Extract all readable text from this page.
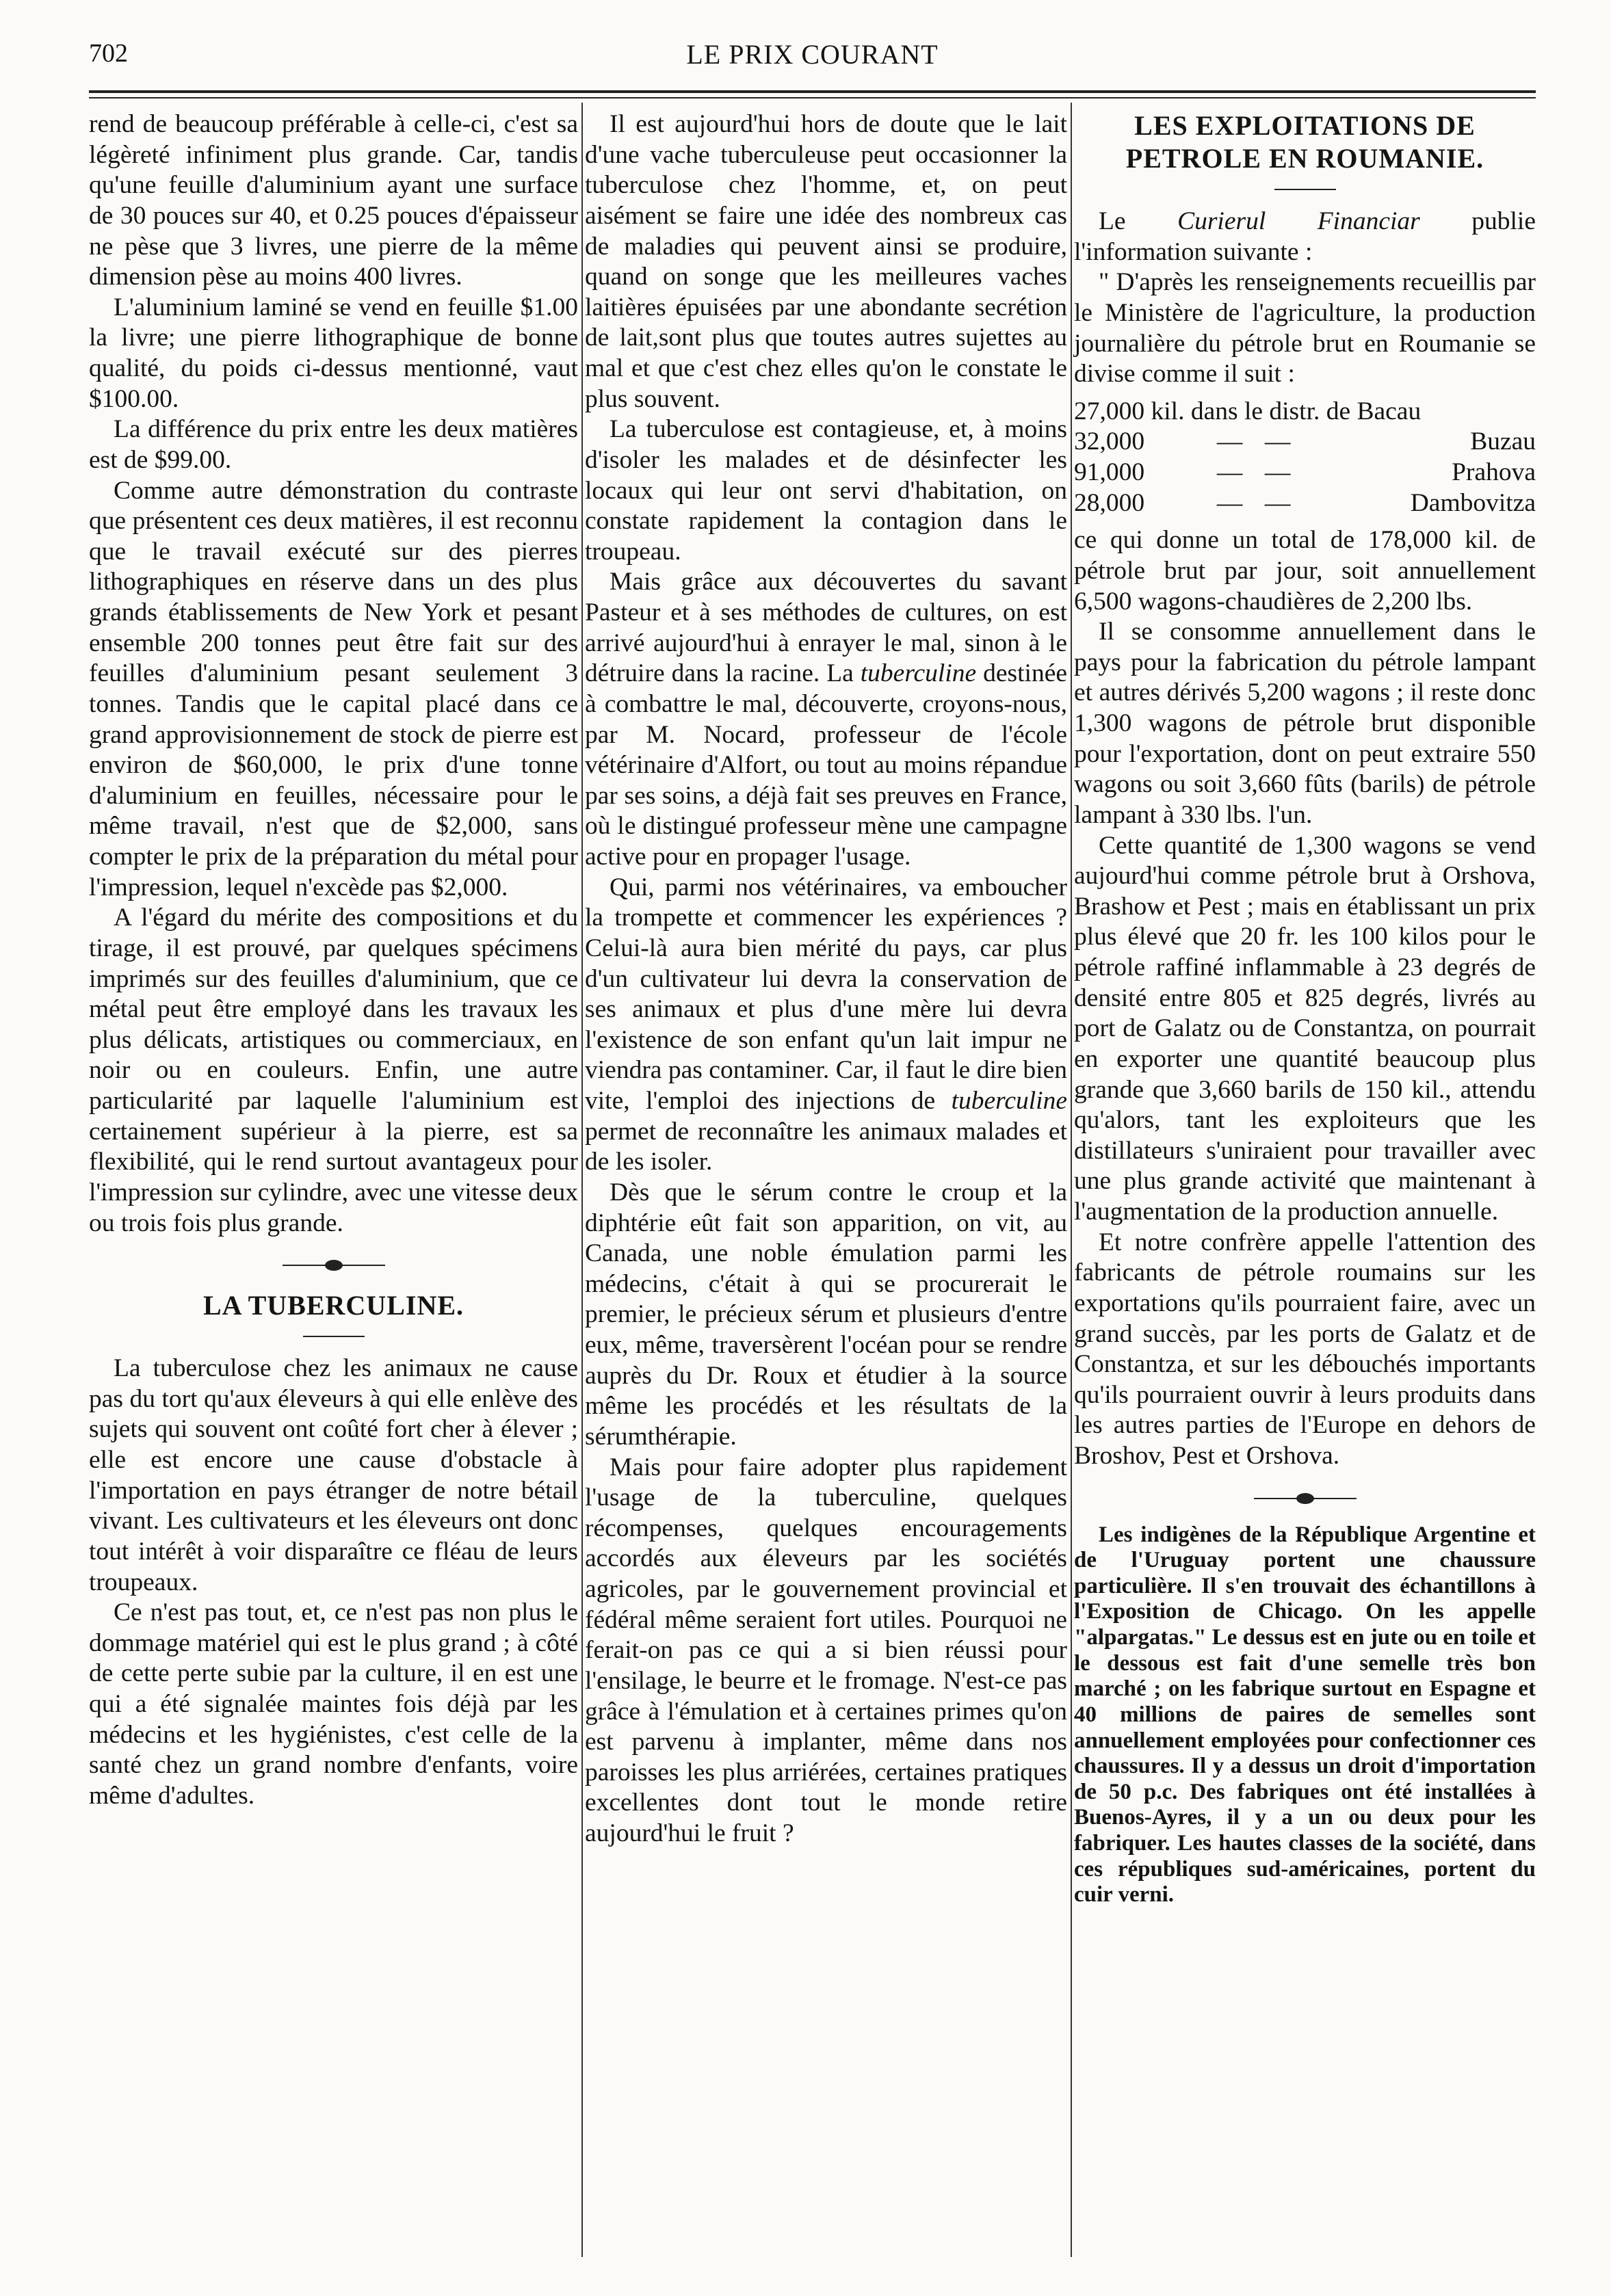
702	LE PRIX COURANT

rend de beaucoup préférable à celle-ci, c'est sa légèreté infiniment plus grande. Car, tandis qu'une feuille d'aluminium ayant une surface de 30 pouces sur 40, et 0.25 pouces d'épaisseur ne pèse que 3 livres, une pierre de la même dimension pèse au moins 400 livres.

L'aluminium laminé se vend en feuille $1.00 la livre; une pierre lithographique de bonne qualité, du poids ci-dessus mentionné, vaut $100.00.

La différence du prix entre les deux matières est de $99.00.

Comme autre démonstration du contraste que présentent ces deux matières, il est reconnu que le travail exécuté sur des pierres lithographiques en réserve dans un des plus grands établissements de New York et pesant ensemble 200 tonnes peut être fait sur des feuilles d'aluminium pesant seulement 3 tonnes. Tandis que le capital placé dans ce grand approvisionnement de stock de pierre est environ de $60,000, le prix d'une tonne d'aluminium en feuilles, nécessaire pour le même travail, n'est que de $2,000, sans compter le prix de la préparation du métal pour l'impression, lequel n'excède pas $2,000.

A l'égard du mérite des compositions et du tirage, il est prouvé, par quelques spécimens imprimés sur des feuilles d'aluminium, que ce métal peut être employé dans les travaux les plus délicats, artistiques ou commerciaux, en noir ou en couleurs. Enfin, une autre particularité par laquelle l'aluminium est certainement supérieur à la pierre, est sa flexibilité, qui le rend surtout avantageux pour l'impression sur cylindre, avec une vitesse deux ou trois fois plus grande.

LA TUBERCULINE.

La tuberculose chez les animaux ne cause pas du tort qu'aux éleveurs à qui elle enlève des sujets qui souvent ont coûté fort cher à élever ; elle est encore une cause d'obstacle à l'importation en pays étranger de notre bétail vivant. Les cultivateurs et les éleveurs ont donc tout intérêt à voir disparaître ce fléau de leurs troupeaux.

Ce n'est pas tout, et, ce n'est pas non plus le dommage matériel qui est le plus grand ; à côté de cette perte subie par la culture, il en est une qui a été signalée maintes fois déjà par les médecins et les hygiénistes, c'est celle de la santé chez un grand nombre d'enfants, voire même d'adultes.

Il est aujourd'hui hors de doute que le lait d'une vache tuberculeuse peut occasionner la tuberculose chez l'homme, et, on peut aisément se faire une idée des nombreux cas de maladies qui peuvent ainsi se produire, quand on songe que les meilleures vaches laitières épuisées par une abondante secrétion de lait,sont plus que toutes autres sujettes au mal et que c'est chez elles qu'on le constate le plus souvent.

La tuberculose est contagieuse, et, à moins d'isoler les malades et de désinfecter les locaux qui leur ont servi d'habitation, on constate rapidement la contagion dans le troupeau.

Mais grâce aux découvertes du savant Pasteur et à ses méthodes de cultures, on est arrivé aujourd'hui à enrayer le mal, sinon à le détruire dans la racine. La tuberculine destinée à combattre le mal, découverte, croyons-nous, par M. Nocard, professeur de l'école vétérinaire d'Alfort, ou tout au moins répandue par ses soins, a déjà fait ses preuves en France, où le distingué professeur mène une campagne active pour en propager l'usage.

Qui, parmi nos vétérinaires, va emboucher la trompette et commencer les expériences ? Celui-là aura bien mérité du pays, car plus d'un cultivateur lui devra la conservation de ses animaux et plus d'une mère lui devra l'existence de son enfant qu'un lait impur ne viendra pas contaminer. Car, il faut le dire bien vite, l'emploi des injections de tuberculine permet de reconnaître les animaux malades et de les isoler.

Dès que le sérum contre le croup et la diphtérie eût fait son apparition, on vit, au Canada, une noble émulation parmi les médecins, c'était à qui se procurerait le premier, le précieux sérum et plusieurs d'entre eux, même, traversèrent l'océan pour se rendre auprès du Dr. Roux et étudier à la source même les procédés et les résultats de la sérumthérapie.

Mais pour faire adopter plus rapidement l'usage de la tuberculine, quelques récompenses, quelques encouragements accordés aux éleveurs par les sociétés agricoles, par le gouvernement provincial et fédéral même seraient fort utiles. Pourquoi ne ferait-on pas ce qui a si bien réussi pour l'ensilage, le beurre et le fromage. N'est-ce pas grâce à l'émulation et à certaines primes qu'on est parvenu à implanter, même dans nos paroisses les plus arriérées, certaines pratiques excellentes dont tout le monde retire aujourd'hui le fruit ?

LES EXPLOITATIONS DE PETROLE EN ROUMANIE.

Le Curierul Financiar publie l'information suivante :

" D'après les renseignements recueillis par le Ministère de l'agriculture, la production journalière du pétrole brut en Roumanie se divise comme il suit :

27,000 kil. dans le distr. de Bacau			
32,000	—	—	Buzau
91,000	—	—	Prahova
28,000	—	—	Dambovitza

ce qui donne un total de 178,000 kil. de pétrole brut par jour, soit annuellement 6,500 wagons-chaudières de 2,200 lbs.

Il se consomme annuellement dans le pays pour la fabrication du pétrole lampant et autres dérivés 5,200 wagons ; il reste donc 1,300 wagons de pétrole brut disponible pour l'exportation, dont on peut extraire 550 wagons ou soit 3,660 fûts (barils) de pétrole lampant à 330 lbs. l'un.

Cette quantité de 1,300 wagons se vend aujourd'hui comme pétrole brut à Orshova, Brashow et Pest ; mais en établissant un prix plus élevé que 20 fr. les 100 kilos pour le pétrole raffiné inflammable à 23 degrés de densité entre 805 et 825 degrés, livrés au port de Galatz ou de Constantza, on pourrait en exporter une quantité beaucoup plus grande que 3,660 barils de 150 kil., attendu qu'alors, tant les exploiteurs que les distillateurs s'uniraient pour travailler avec une plus grande activité que maintenant à l'augmentation de la production annuelle.

Et notre confrère appelle l'attention des fabricants de pétrole roumains sur les exportations qu'ils pourraient faire, avec un grand succès, par les ports de Galatz et de Constantza, et sur les débouchés importants qu'ils pourraient ouvrir à leurs produits dans les autres parties de l'Europe en dehors de Broshov, Pest et Orshova.

Les indigènes de la République Argentine et de l'Uruguay portent une chaussure particulière. Il s'en trouvait des échantillons à l'Exposition de Chicago. On les appelle "alpargatas." Le dessus est en jute ou en toile et le dessous est fait d'une semelle très bon marché ; on les fabrique surtout en Espagne et 40 millions de paires de semelles sont annuellement employées pour confectionner ces chaussures. Il y a dessus un droit d'importation de 50 p.c. Des fabriques ont été installées à Buenos-Ayres, il y a un ou deux pour les fabriquer. Les hautes classes de la société, dans ces républiques sud-américaines, portent du cuir verni.
